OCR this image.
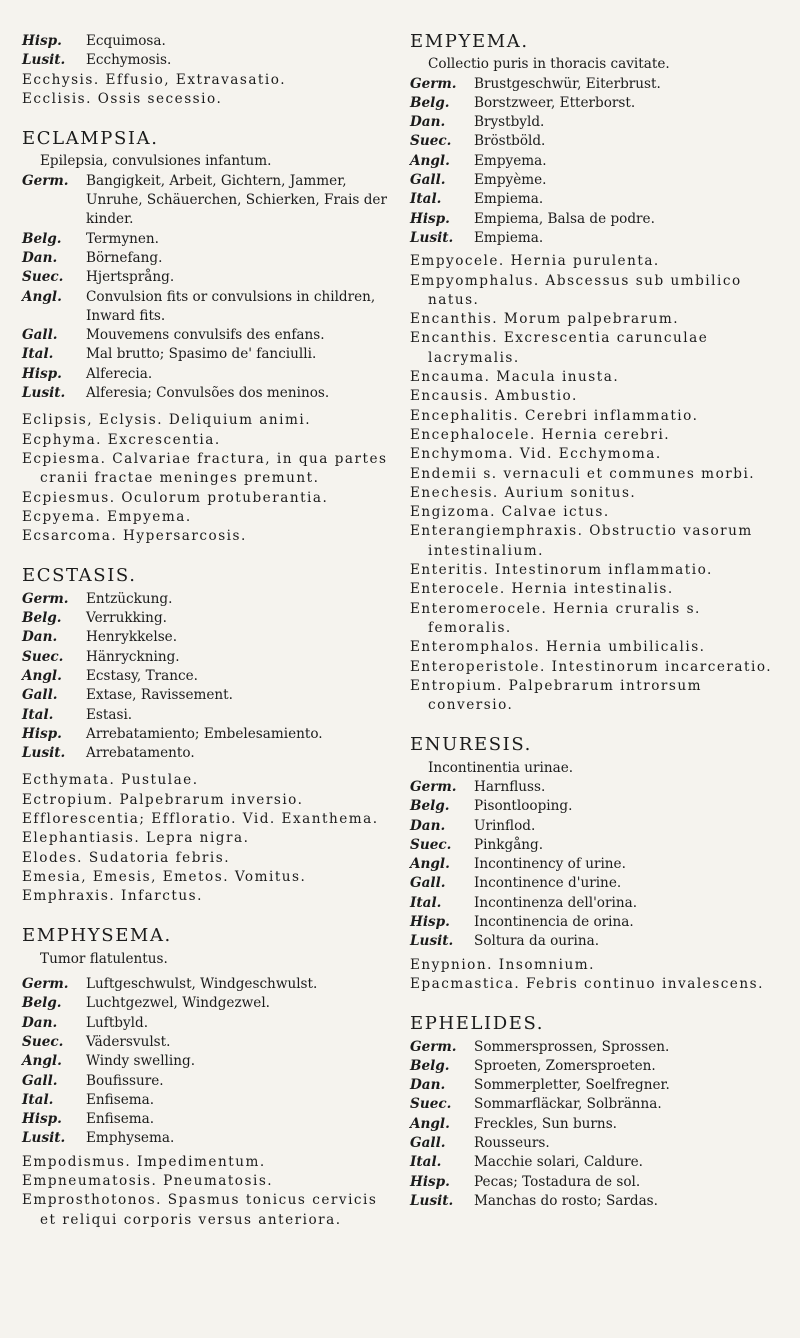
Hisp.	Ecquimosa.
Lusit.	Ecchymosis.
Ecchysis. Effusio, Extravasatio.
Ecclisis. Ossis secessio.
ECLAMPSIA.
Epilepsia, convulsiones infantum.
Germ.	Bangigkeit, Arbeit, Gichtern, Jammer, Unruhe, Schäuerchen, Schierken, Frais der kinder.
Belg.	Termynen.
Dan.	Börnefang.
Suec.	Hjertsprång.
Angl.	Convulsion fits or convulsions in children, Inward fits.
Gall.	Mouvemens convulsifs des enfans.
Ital.	Mal brutto; Spasimo de' fanciulli.
Hisp.	Alferecia.
Lusit.	Alferesia; Convulsões dos meninos.
Eclipsis, Eclysis. Deliquium animi.
Ecphyma. Excrescentia.
Ecpiesma. Calvariae fractura, in qua partes cranii fractae meninges premunt.
Ecpiesmus. Oculorum protuberantia.
Ecpyema. Empyema.
Ecsarcoma. Hypersarcosis.
ECSTASIS.
Germ.	Entzückung.
Belg.	Verrukking.
Dan.	Henrykkelse.
Suec.	Hänryckning.
Angl.	Ecstasy, Trance.
Gall.	Extase, Ravissement.
Ital.	Estasi.
Hisp.	Arrebatamiento; Embelesamiento.
Lusit.	Arrebatamento.
Ecthymata. Pustulae.
Ectropium. Palpebrarum inversio.
Efflorescentia; Effloratio. Vid. Exanthema.
Elephantiasis. Lepra nigra.
Elodes. Sudatoria febris.
Emesia, Emesis, Emetos. Vomitus.
Emphraxis. Infarctus.
EMPHYSEMA.
Tumor flatulentus.
Germ.	Luftgeschwulst, Windgeschwulst.
Belg.	Luchtgezwel, Windgezwel.
Dan.	Luftbyld.
Suec.	Vädersvulst.
Angl.	Windy swelling.
Gall.	Boufissure.
Ital.	Enfisema.
Hisp.	Enfisema.
Lusit.	Emphysema.
Empodismus. Impedimentum.
Empneumatosis. Pneumatosis.
Emprosthotonos. Spasmus tonicus cervicis et reliqui corporis versus anteriora.
EMPYEMA.
Collectio puris in thoracis cavitate.
Germ.	Brustgeschwür, Eiterbrust.
Belg.	Borstzweer, Etterborst.
Dan.	Brystbyld.
Suec.	Bröstböld.
Angl.	Empyema.
Gall.	Empyème.
Ital.	Empiema.
Hisp.	Empiema, Balsa de podre.
Lusit.	Empiema.
Empyocele. Hernia purulenta.
Empyomphalus. Abscessus sub umbilico natus.
Encanthis. Morum palpebrarum.
Encanthis. Excrescentia carunculae lacrymalis.
Encauma. Macula inusta.
Encausis. Ambustio.
Encephalitis. Cerebri inflammatio.
Encephalocele. Hernia cerebri.
Enchymoma. Vid. Ecchymoma.
Endemii s. vernaculi et communes morbi.
Enechesis. Aurium sonitus.
Engizoma. Calvae ictus.
Enterangiemphraxis. Obstructio vasorum intestinalium.
Enteritis. Intestinorum inflammatio.
Enterocele. Hernia intestinalis.
Enteromerocele. Hernia cruralis s. femoralis.
Enteromphalos. Hernia umbilicalis.
Enteroperistole. Intestinorum incarceratio.
Entropium. Palpebrarum introrsum conversio.
ENURESIS.
Incontinentia urinae.
Germ.	Harnfluss.
Belg.	Pisontlooping.
Dan.	Urinflod.
Suec.	Pinkgång.
Angl.	Incontinency of urine.
Gall.	Incontinence d'urine.
Ital.	Incontinenza dell'orina.
Hisp.	Incontinencia de orina.
Lusit.	Soltura da ourina.
Enypnion. Insomnium.
Epacmastica. Febris continuo invalescens.
EPHELIDES.
Germ.	Sommersprossen, Sprossen.
Belg.	Sproeten, Zomersproeten.
Dan.	Sommerpletter, Soelfregner.
Suec.	Sommarfläckar, Solbränna.
Angl.	Freckles, Sun burns.
Gall.	Rousseurs.
Ital.	Macchie solari, Caldure.
Hisp.	Pecas; Tostadura de sol.
Lusit.	Manchas do rosto; Sardas.
